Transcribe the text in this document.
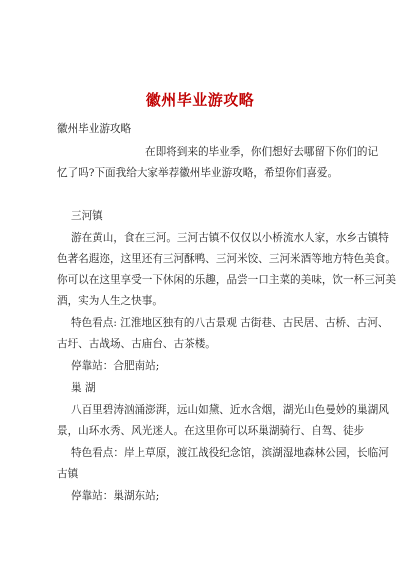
徽州毕业游攻略
徽州毕业游攻略
在即将到来的毕业季，你们想好去哪留下你们的记
忆了吗?下面我给大家举荐徽州毕业游攻略，希望你们喜爱。
三河镇
游在黄山，食在三河。三河古镇不仅仅以小桥流水人家，水乡古镇特
色著名遐迩，这里还有三河酥鸭、三河米饺、三河米酒等地方特色美食。
你可以在这里享受一下休闲的乐趣，品尝一口主菜的美味，饮一杯三河美
酒，实为人生之快事。
特色看点: 江淮地区独有的八古景观 古街巷、古民居、古桥、古河、
古圩、古战场、古庙台、古茶楼。
停靠站：合肥南站;
巢 湖
八百里碧涛汹涌澎湃，远山如黛、近水含烟，湖光山色曼妙的巢湖风
景，山环水秀、风光迷人。在这里你可以环巢湖骑行、自驾、徒步
特色看点：岸上草原，渡江战役纪念馆，滨湖湿地森林公园，长临河
古镇
停靠站：巢湖东站;
